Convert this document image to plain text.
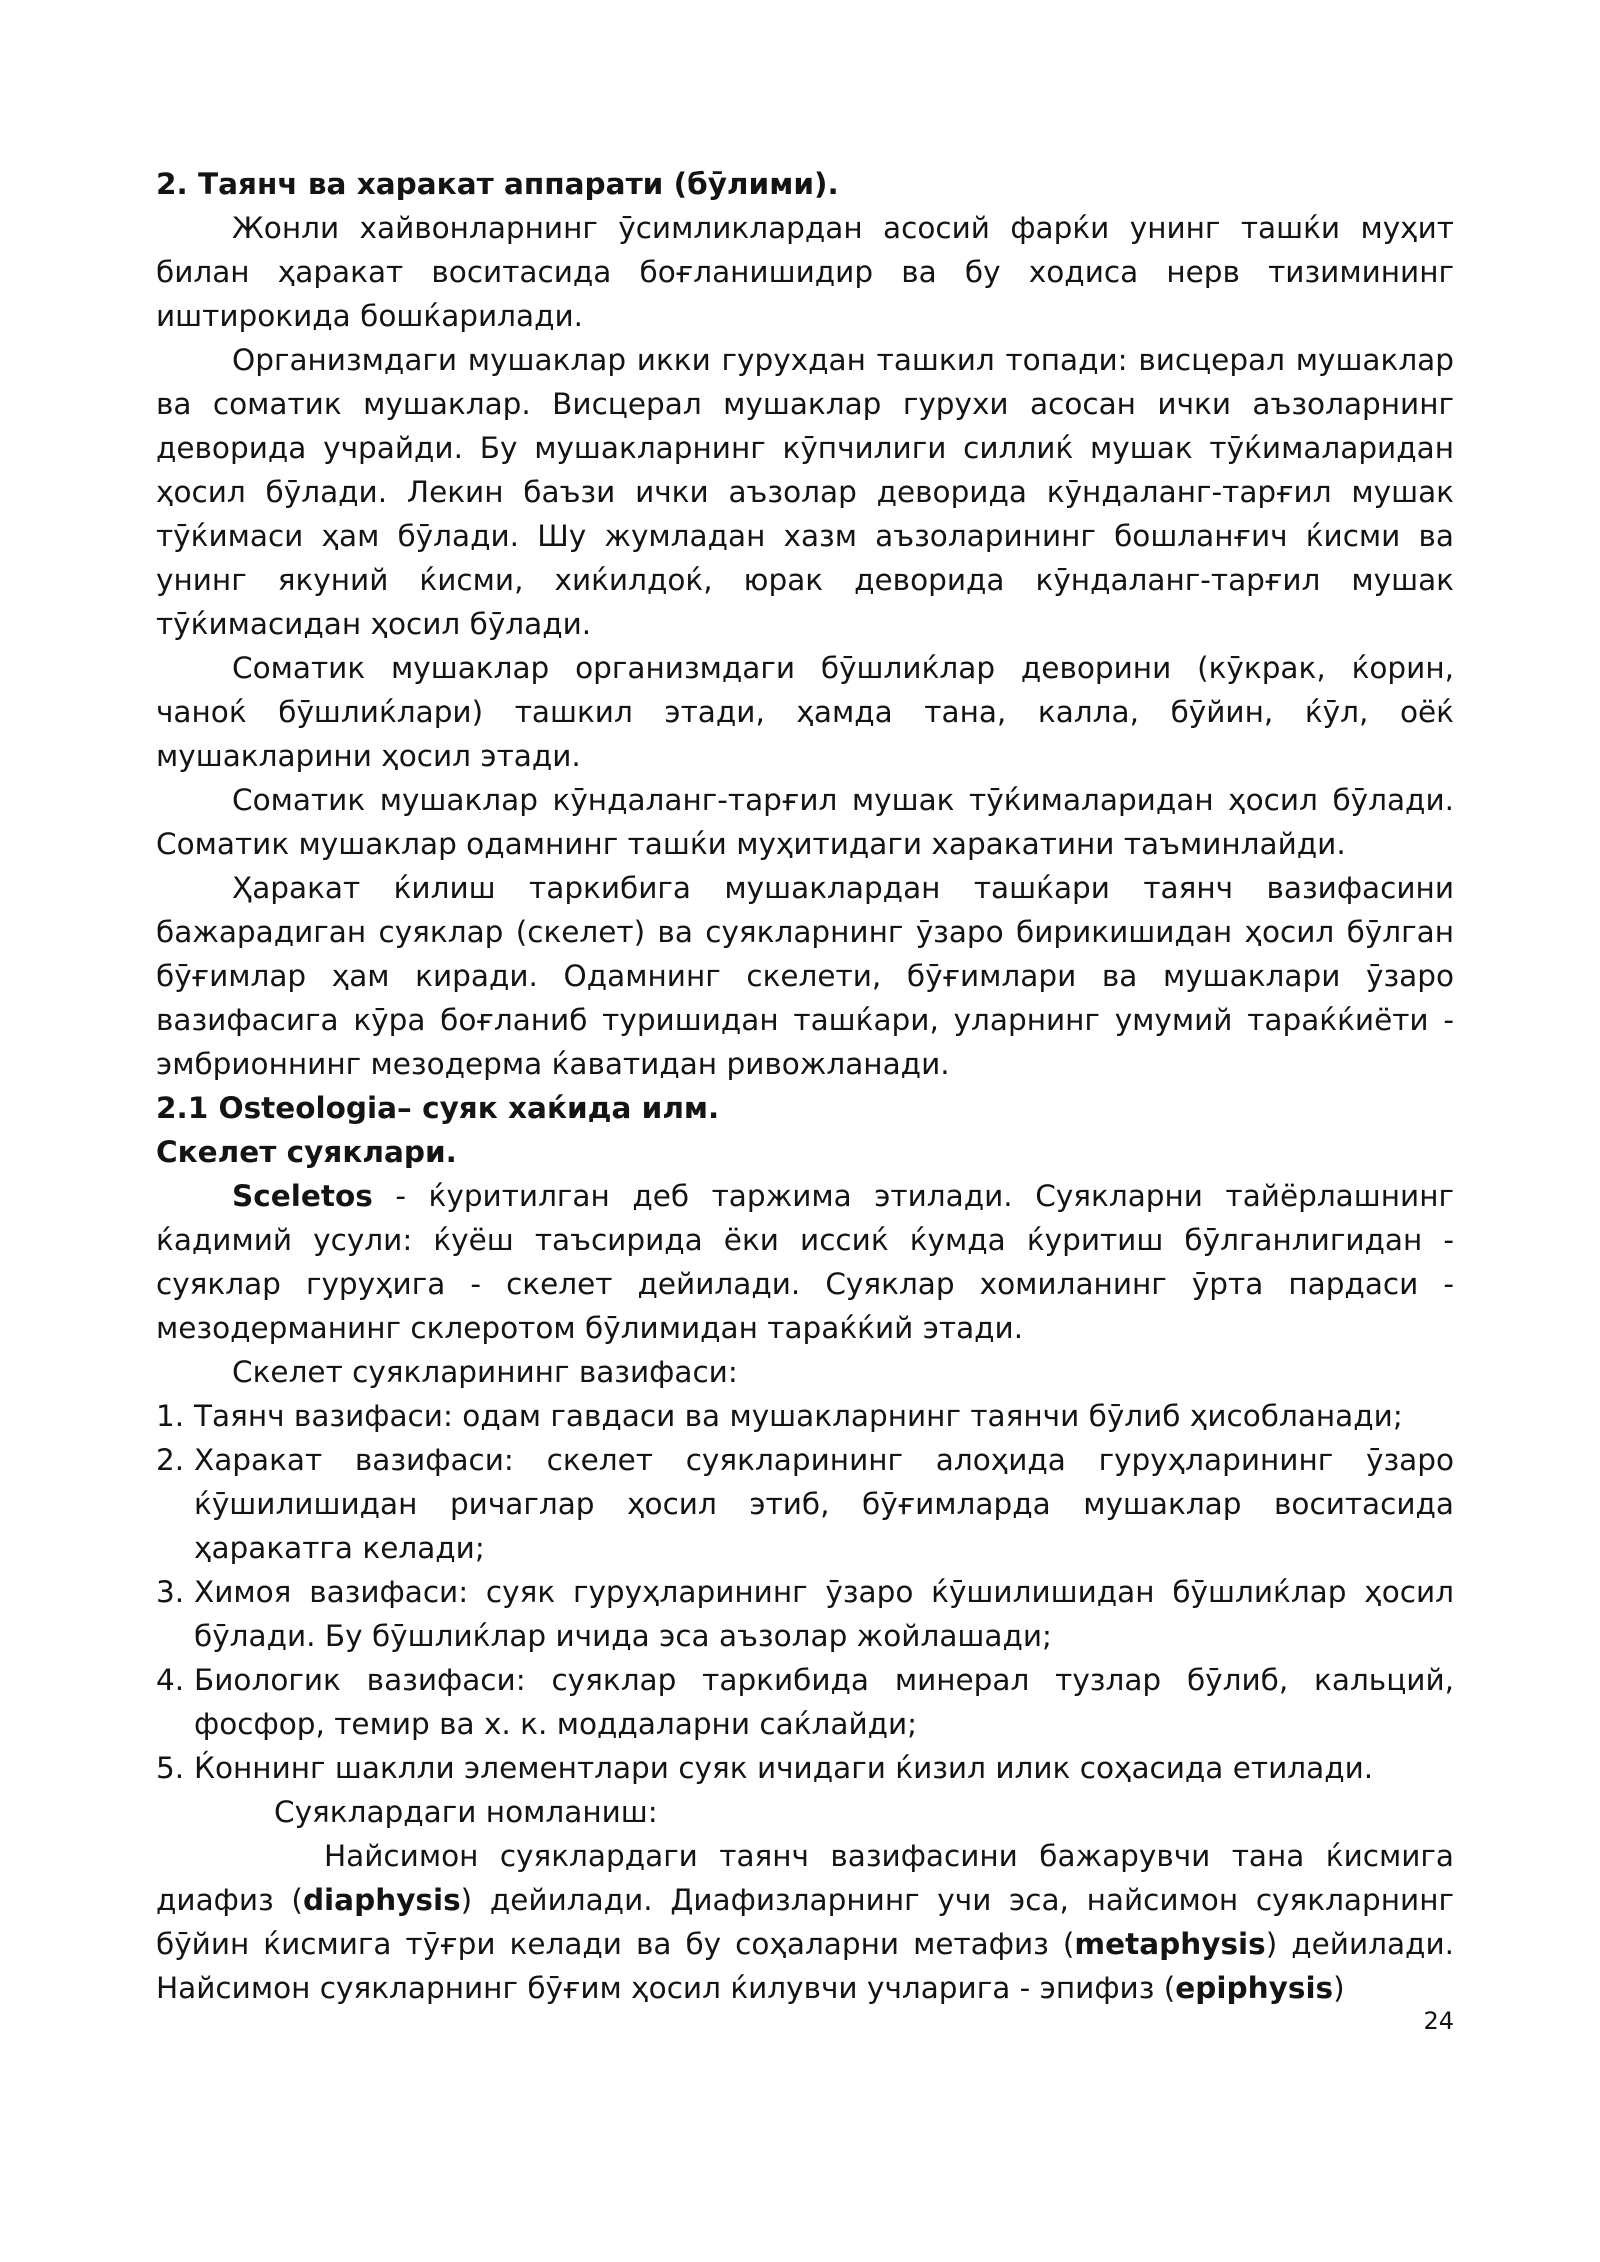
2. Таянч ва харакат аппарати (бӯлими).

Жонли хайвонларнинг ӯсимликлардан асосий фарќи унинг ташќи муҳит билан ҳаракат воситасида боғланишидир ва бу ходиса нерв тизимининг иштирокида бошќарилади.

Организмдаги мушаклар икки гурухдан ташкил топади: висцерал мушаклар ва соматик мушаклар. Висцерал мушаклар гурухи асосан ички аъзоларнинг деворида учрайди. Бу мушакларнинг кӯпчилиги силлиќ мушак тӯќималаридан ҳосил бӯлади. Лекин баъзи ички аъзолар деворида кӯндаланг-тарғил мушак тӯќимаси ҳам бӯлади. Шу жумладан хазм аъзоларининг бошланғич ќисми ва унинг якуний ќисми, хиќилдоќ, юрак деворида кӯндаланг-тарғил мушак тӯќимасидан ҳосил бӯлади.

Соматик мушаклар организмдаги бӯшлиќлар деворини (кӯкрак, ќорин, чаноќ бӯшлиќлари) ташкил этади, ҳамда тана, калла, бӯйин, ќӯл, оёќ мушакларини ҳосил этади.

Соматик мушаклар кӯндаланг-тарғил мушак тӯќималаридан ҳосил бӯлади. Соматик мушаклар одамнинг ташќи муҳитидаги харакатини таъминлайди.

Ҳаракат ќилиш таркибига мушаклардан ташќари таянч вазифасини бажарадиган суяклар (скелет) ва суякларнинг ӯзаро бирикишидан ҳосил бӯлган бӯғимлар ҳам киради. Одамнинг скелети, бӯғимлари ва мушаклари ӯзаро вазифасига кӯра боғланиб туришидан ташќари, уларнинг умумий тараќќиёти - эмбрионнинг мезодерма ќаватидан ривожланади.

2.1 Osteologia– суяк хаќида илм.

Скелет суяклари.

Sceletos - ќуритилган деб таржима этилади. Суякларни тайёрлашнинг ќадимий усули: ќуёш таъсирида ёки иссиќ ќумда ќуритиш бӯлганлигидан - суяклар гуруҳига - скелет дейилади. Суяклар хомиланинг ӯрта пардаси - мезодерманинг склеротом бӯлимидан тараќќий этади.

Скелет суякларининг вазифаси:

1. Таянч вазифаси: одам гавдаси ва мушакларнинг таянчи бӯлиб ҳисобланади;
2. Харакат вазифаси: скелет суякларининг алоҳида гуруҳларининг ӯзаро ќӯшилишидан ричаглар ҳосил этиб, бӯғимларда мушаклар воситасида ҳаракатга келади;
3. Химоя вазифаси: суяк гуруҳларининг ӯзаро ќӯшилишидан бӯшлиќлар ҳосил бӯлади. Бу бӯшлиќлар ичида эса аъзолар жойлашади;
4. Биологик вазифаси: суяклар таркибида минерал тузлар бӯлиб, кальций, фосфор, темир ва х. к. моддаларни саќлайди;
5. Ќоннинг шаклли элементлари суяк ичидаги ќизил илик соҳасида етилади.

Суяклардаги номланиш:

Найсимон суяклардаги таянч вазифасини бажарувчи тана ќисмига диафиз (diaphysis) дейилади. Диафизларнинг учи эса, найсимон суякларнинг бӯйин ќисмига тӯғри келади ва бу соҳаларни метафиз (metaphysis) дейилади. Найсимон суякларнинг бӯғим ҳосил ќилувчи учларига - эпифиз (epiphysis)

24
